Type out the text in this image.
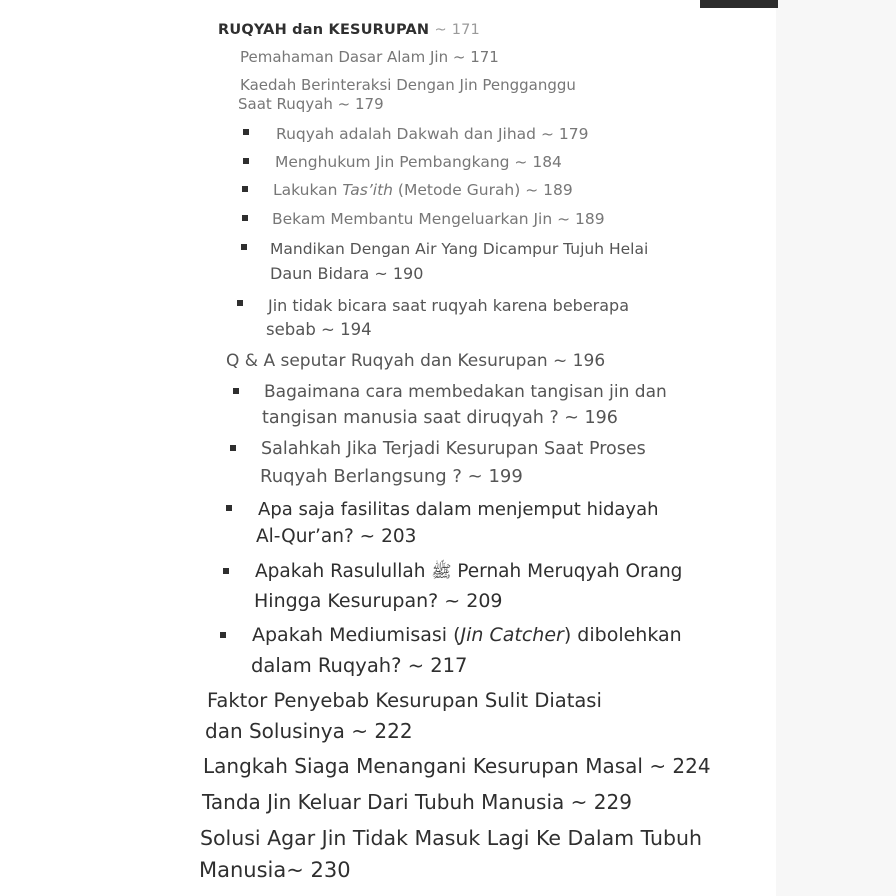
RUQYAH dan KESURUPAN ~ 171
Pemahaman Dasar Alam Jin ~ 171
Kaedah Berinteraksi Dengan Jin Pengganggu
Saat Ruqyah ~ 179
Ruqyah adalah Dakwah dan Jihad ~ 179
Menghukum Jin Pembangkang ~ 184
Lakukan Tas’ith (Metode Gurah) ~ 189
Bekam Membantu Mengeluarkan Jin ~ 189
Mandikan Dengan Air Yang Dicampur Tujuh Helai
Daun Bidara ~ 190
Jin tidak bicara saat ruqyah karena beberapa
sebab ~ 194
Q & A seputar Ruqyah dan Kesurupan ~ 196
Bagaimana cara membedakan tangisan jin dan
tangisan manusia saat diruqyah ? ~ 196
Salahkah Jika Terjadi Kesurupan Saat Proses
Ruqyah Berlangsung ? ~ 199
Apa saja fasilitas dalam menjemput hidayah
Al-Qur’an? ~ 203
Apakah Rasulullah ﷺ Pernah Meruqyah Orang
Hingga Kesurupan? ~ 209
Apakah Mediumisasi (Jin Catcher) dibolehkan
dalam Ruqyah? ~ 217
Faktor Penyebab Kesurupan Sulit Diatasi
dan Solusinya ~ 222
Langkah Siaga Menangani Kesurupan Masal ~ 224
Tanda Jin Keluar Dari Tubuh Manusia ~ 229
Solusi Agar Jin Tidak Masuk Lagi Ke Dalam Tubuh
Manusia~ 230
